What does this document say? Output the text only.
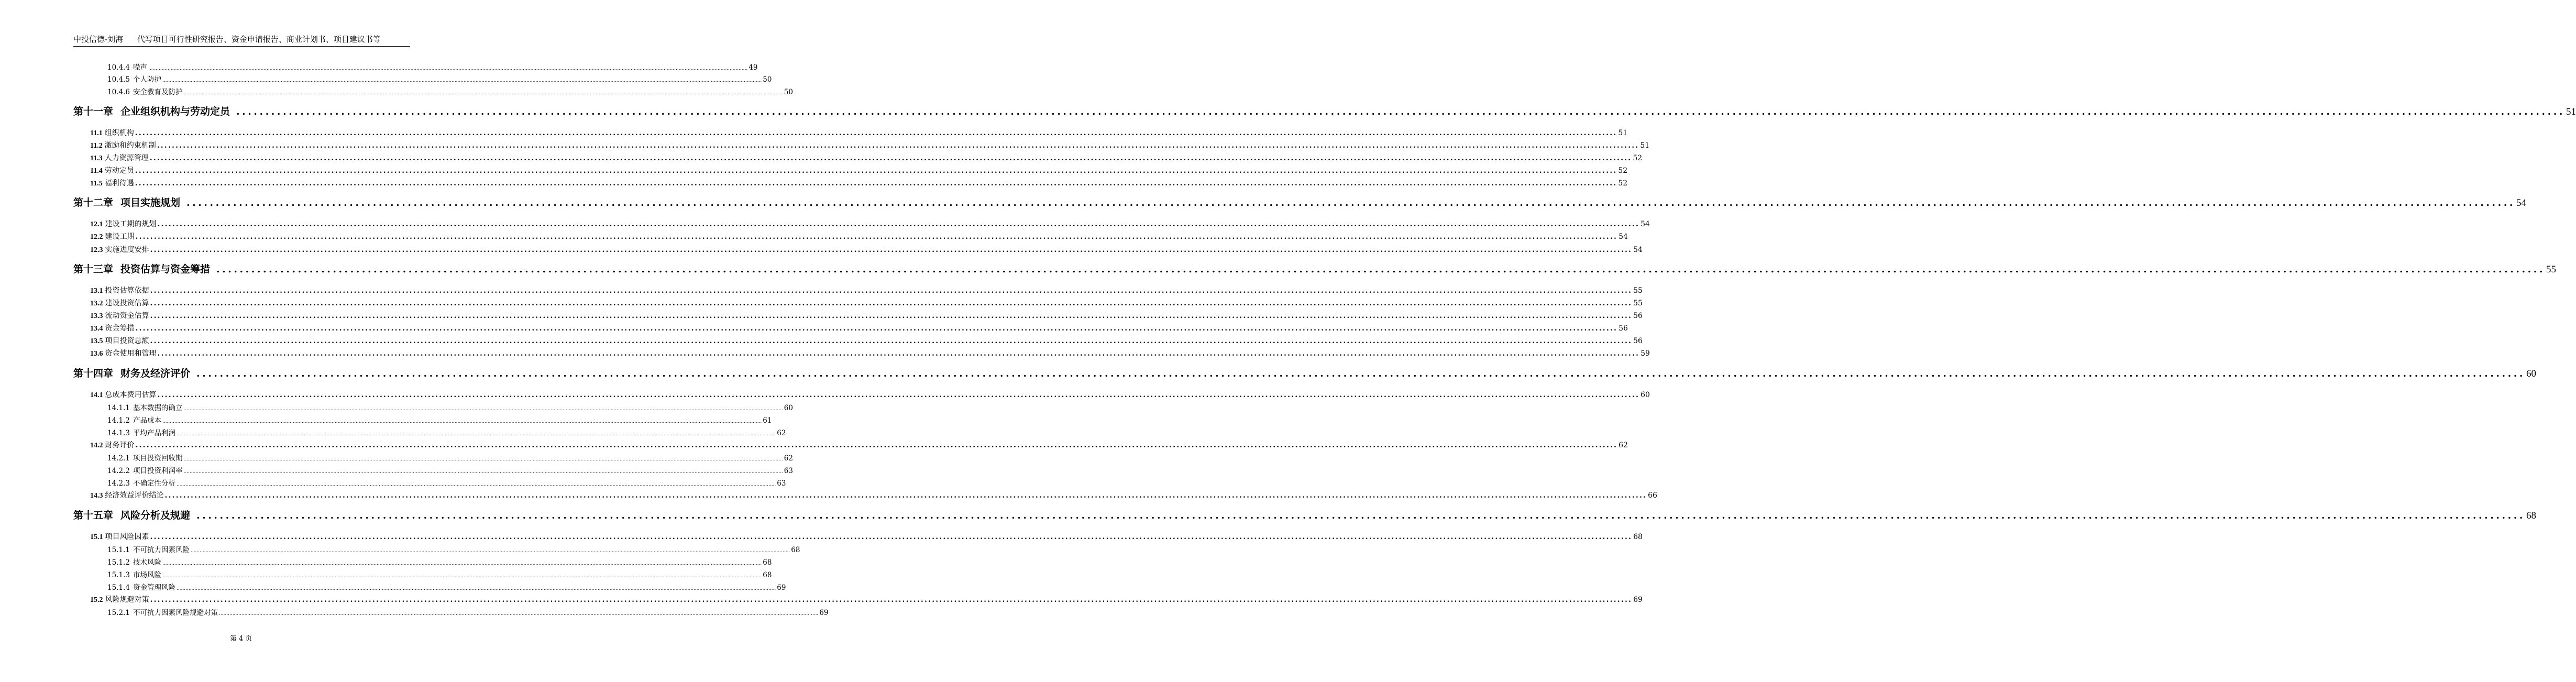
中投信德-刘海 代写项目可行性研究报告、资金申请报告、商业计划书、项目建议书等
10.4.4 噪声 ................................................................................................................................................................................................................................................................................................................................................................................................................ 49
10.4.5 个人防护 ................................................................................................................................................................................................................................................................................................................................................................................................................ 50
10.4.6 安全教育及防护 ................................................................................................................................................................................................................................................................................................................................................................................................................ 50
第十一章 企业组织机构与劳动定员 ................................................................................................................................................................................................................................................................................................................................................................................................................ 51
11.1 组织机构 ................................................................................................................................................................................................................................................................................................................................................................................................................ 51
11.2 激励和约束机制 ................................................................................................................................................................................................................................................................................................................................................................................................................ 51
11.3 人力资源管理 ................................................................................................................................................................................................................................................................................................................................................................................................................ 52
11.4 劳动定员 ................................................................................................................................................................................................................................................................................................................................................................................................................ 52
11.5 福利待遇 ................................................................................................................................................................................................................................................................................................................................................................................................................ 52
第十二章 项目实施规划 ................................................................................................................................................................................................................................................................................................................................................................................................................ 54
12.1 建设工期的规划 ................................................................................................................................................................................................................................................................................................................................................................................................................ 54
12.2 建设工期 ................................................................................................................................................................................................................................................................................................................................................................................................................ 54
12.3 实施进度安排 ................................................................................................................................................................................................................................................................................................................................................................................................................ 54
第十三章 投资估算与资金筹措 ................................................................................................................................................................................................................................................................................................................................................................................................................ 55
13.1 投资估算依据 ................................................................................................................................................................................................................................................................................................................................................................................................................ 55
13.2 建设投资估算 ................................................................................................................................................................................................................................................................................................................................................................................................................ 55
13.3 流动资金估算 ................................................................................................................................................................................................................................................................................................................................................................................................................ 56
13.4 资金筹措 ................................................................................................................................................................................................................................................................................................................................................................................................................ 56
13.5 项目投资总额 ................................................................................................................................................................................................................................................................................................................................................................................................................ 56
13.6 资金使用和管理 ................................................................................................................................................................................................................................................................................................................................................................................................................ 59
第十四章 财务及经济评价 ................................................................................................................................................................................................................................................................................................................................................................................................................ 60
14.1 总成本费用估算 ................................................................................................................................................................................................................................................................................................................................................................................................................ 60
14.1.1 基本数据的确立 ................................................................................................................................................................................................................................................................................................................................................................................................................ 60
14.1.2 产品成本 ................................................................................................................................................................................................................................................................................................................................................................................................................ 61
14.1.3 平均产品利润 ................................................................................................................................................................................................................................................................................................................................................................................................................ 62
14.2 财务评价 ................................................................................................................................................................................................................................................................................................................................................................................................................ 62
14.2.1 项目投资回收期 ................................................................................................................................................................................................................................................................................................................................................................................................................ 62
14.2.2 项目投资利润率 ................................................................................................................................................................................................................................................................................................................................................................................................................ 63
14.2.3 不确定性分析 ................................................................................................................................................................................................................................................................................................................................................................................................................ 63
14.3 经济效益评价结论 ................................................................................................................................................................................................................................................................................................................................................................................................................ 66
第十五章 风险分析及规避 ................................................................................................................................................................................................................................................................................................................................................................................................................ 68
15.1 项目风险因素 ................................................................................................................................................................................................................................................................................................................................................................................................................ 68
15.1.1 不可抗力因素风险 ................................................................................................................................................................................................................................................................................................................................................................................................................ 68
15.1.2 技术风险 ................................................................................................................................................................................................................................................................................................................................................................................................................ 68
15.1.3 市场风险 ................................................................................................................................................................................................................................................................................................................................................................................................................ 68
15.1.4 资金管理风险 ................................................................................................................................................................................................................................................................................................................................................................................................................ 69
15.2 风险规避对策 ................................................................................................................................................................................................................................................................................................................................................................................................................ 69
15.2.1 不可抗力因素风险规避对策 ................................................................................................................................................................................................................................................................................................................................................................................................................ 69
第 4 页
